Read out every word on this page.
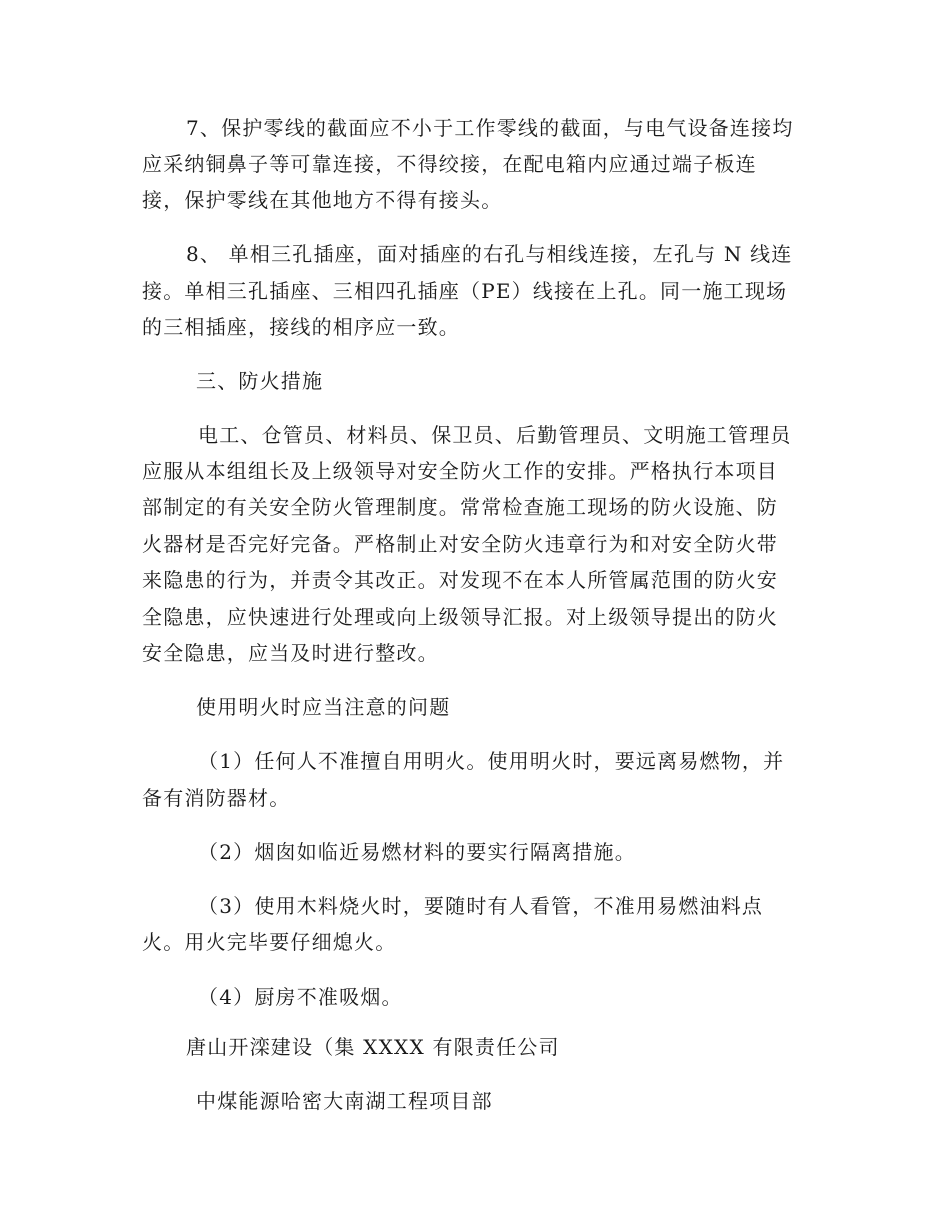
7、保护零线的截面应不小于工作零线的截面，与电气设备连接均
应采纳铜鼻子等可靠连接，不得绞接，在配电箱内应通过端子板连
接，保护零线在其他地方不得有接头。
8、 单相三孔插座，面对插座的右孔与相线连接，左孔与 N 线连
接。单相三孔插座、三相四孔插座（PE）线接在上孔。同一施工现场
的三相插座，接线的相序应一致。
三、防火措施
电工、仓管员、材料员、保卫员、后勤管理员、文明施工管理员
应服从本组组长及上级领导对安全防火工作的安排。严格执行本项目
部制定的有关安全防火管理制度。常常检查施工现场的防火设施、防
火器材是否完好完备。严格制止对安全防火违章行为和对安全防火带
来隐患的行为，并责令其改正。对发现不在本人所管属范围的防火安
全隐患，应快速进行处理或向上级领导汇报。对上级领导提出的防火
安全隐患，应当及时进行整改。
使用明火时应当注意的问题
（1）任何人不准擅自用明火。使用明火时，要远离易燃物，并
备有消防器材。
（2）烟囱如临近易燃材料的要实行隔离措施。
（3）使用木料烧火时，要随时有人看管，不准用易燃油料点
火。用火完毕要仔细熄火。
（4）厨房不准吸烟。
唐山开滦建设（集 XXXX 有限责任公司
中煤能源哈密大南湖工程项目部
